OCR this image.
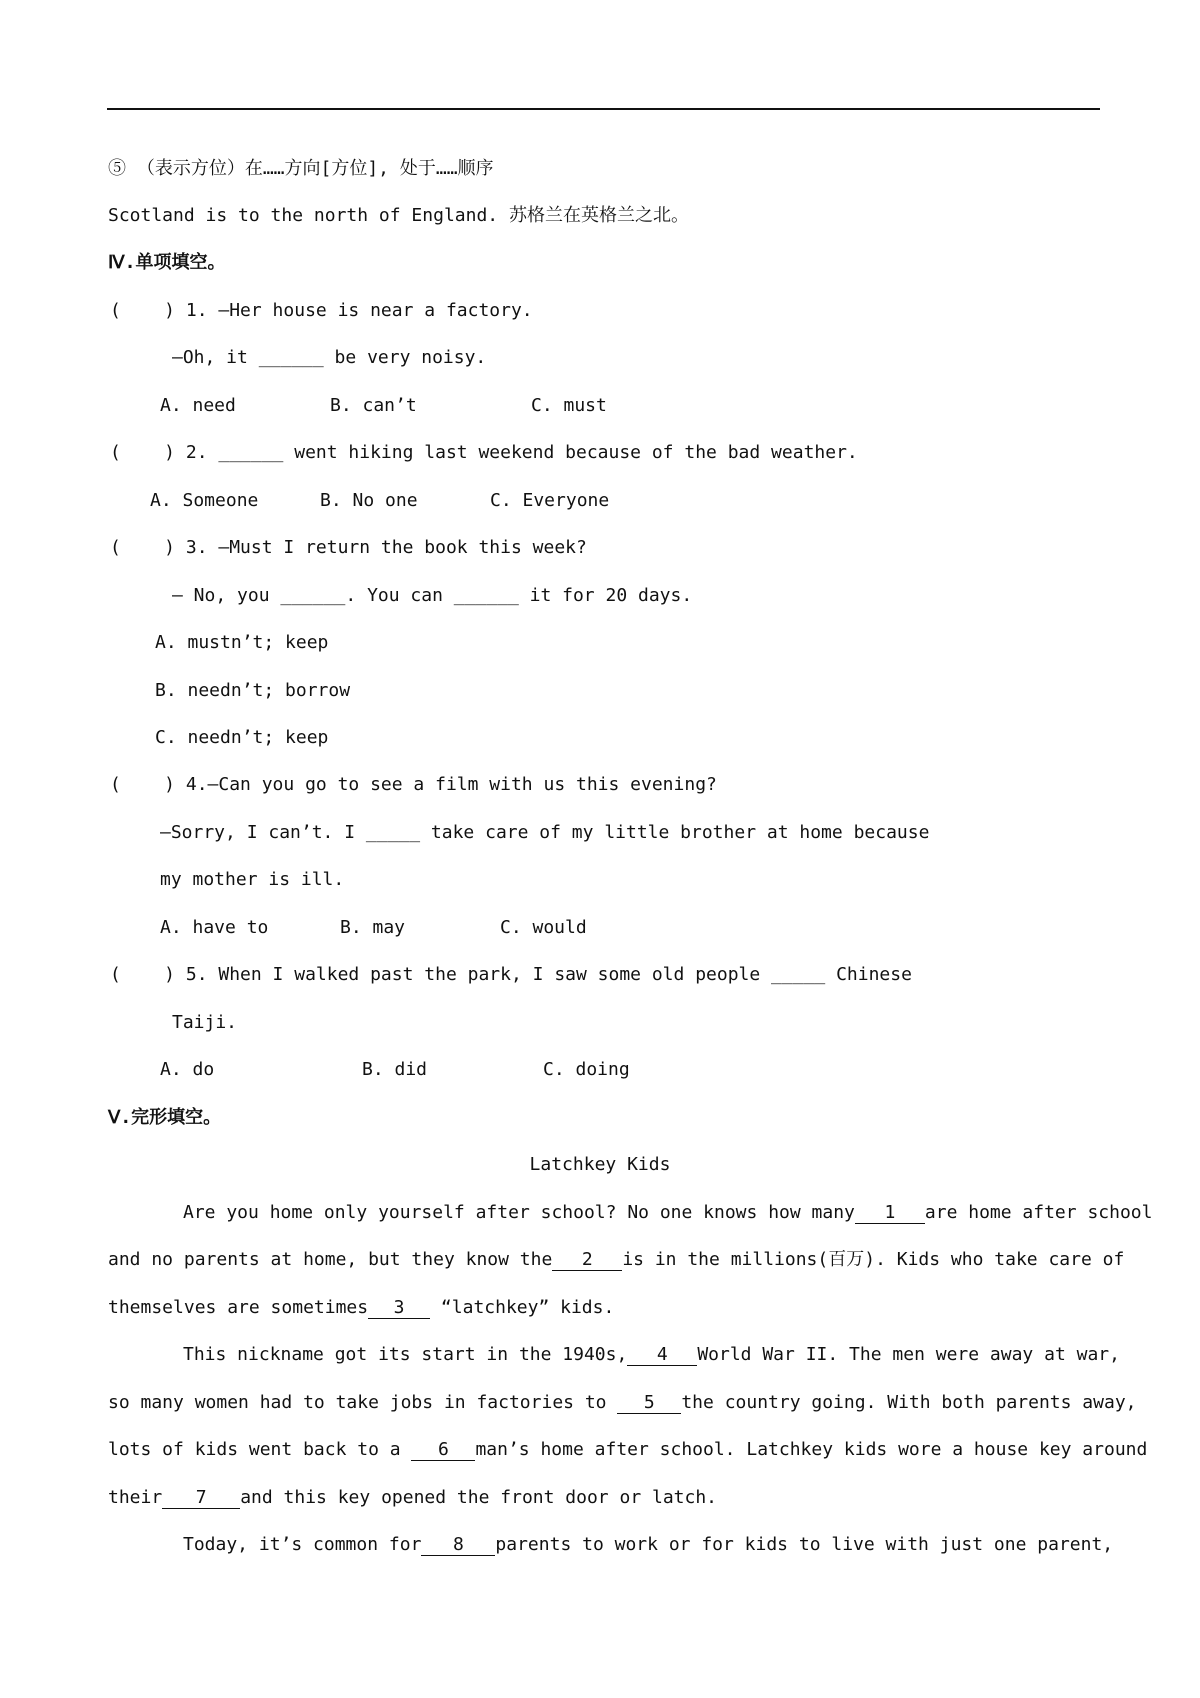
⑤ （表示方位）在……方向[方位], 处于……顺序
Scotland is to the north of England. 苏格兰在英格兰之北。
Ⅳ.单项填空。
(    ) 1. —Her house is near a factory.
—Oh, it ______ be very noisy.
A. need	B. can’t	C. must
(    ) 2. ______ went hiking last weekend because of the bad weather.
A. Someone	B. No one	C. Everyone
(    ) 3. —Must I return the book this week?
— No, you ______. You can ______ it for 20 days.
A. mustn’t; keep
B. needn’t; borrow
C. needn’t; keep
(    ) 4.—Can you go to see a film with us this evening?
—Sorry, I can’t. I _____ take care of my little brother at home because
my mother is ill.
A. have to	B. may	C. would
(    ) 5. When I walked past the park, I saw some old people _____ Chinese
Taiji.
A. do	B. did	C. doing
Ⅴ.完形填空。
Latchkey Kids
Are you home only yourself after school? No one knows how many 1 are home after school
and no parents at home, but they know the 2 is in the millions(百万). Kids who take care of
themselves are sometimes 3 “latchkey” kids.
This nickname got its start in the 1940s, 4 World War II. The men were away at war,
so many women had to take jobs in factories to 5 the country going. With both parents away,
lots of kids went back to a 6 man’s home after school. Latchkey kids wore a house key around
their 7 and this key opened the front door or latch.
Today, it’s common for 8 parents to work or for kids to live with just one parent,
